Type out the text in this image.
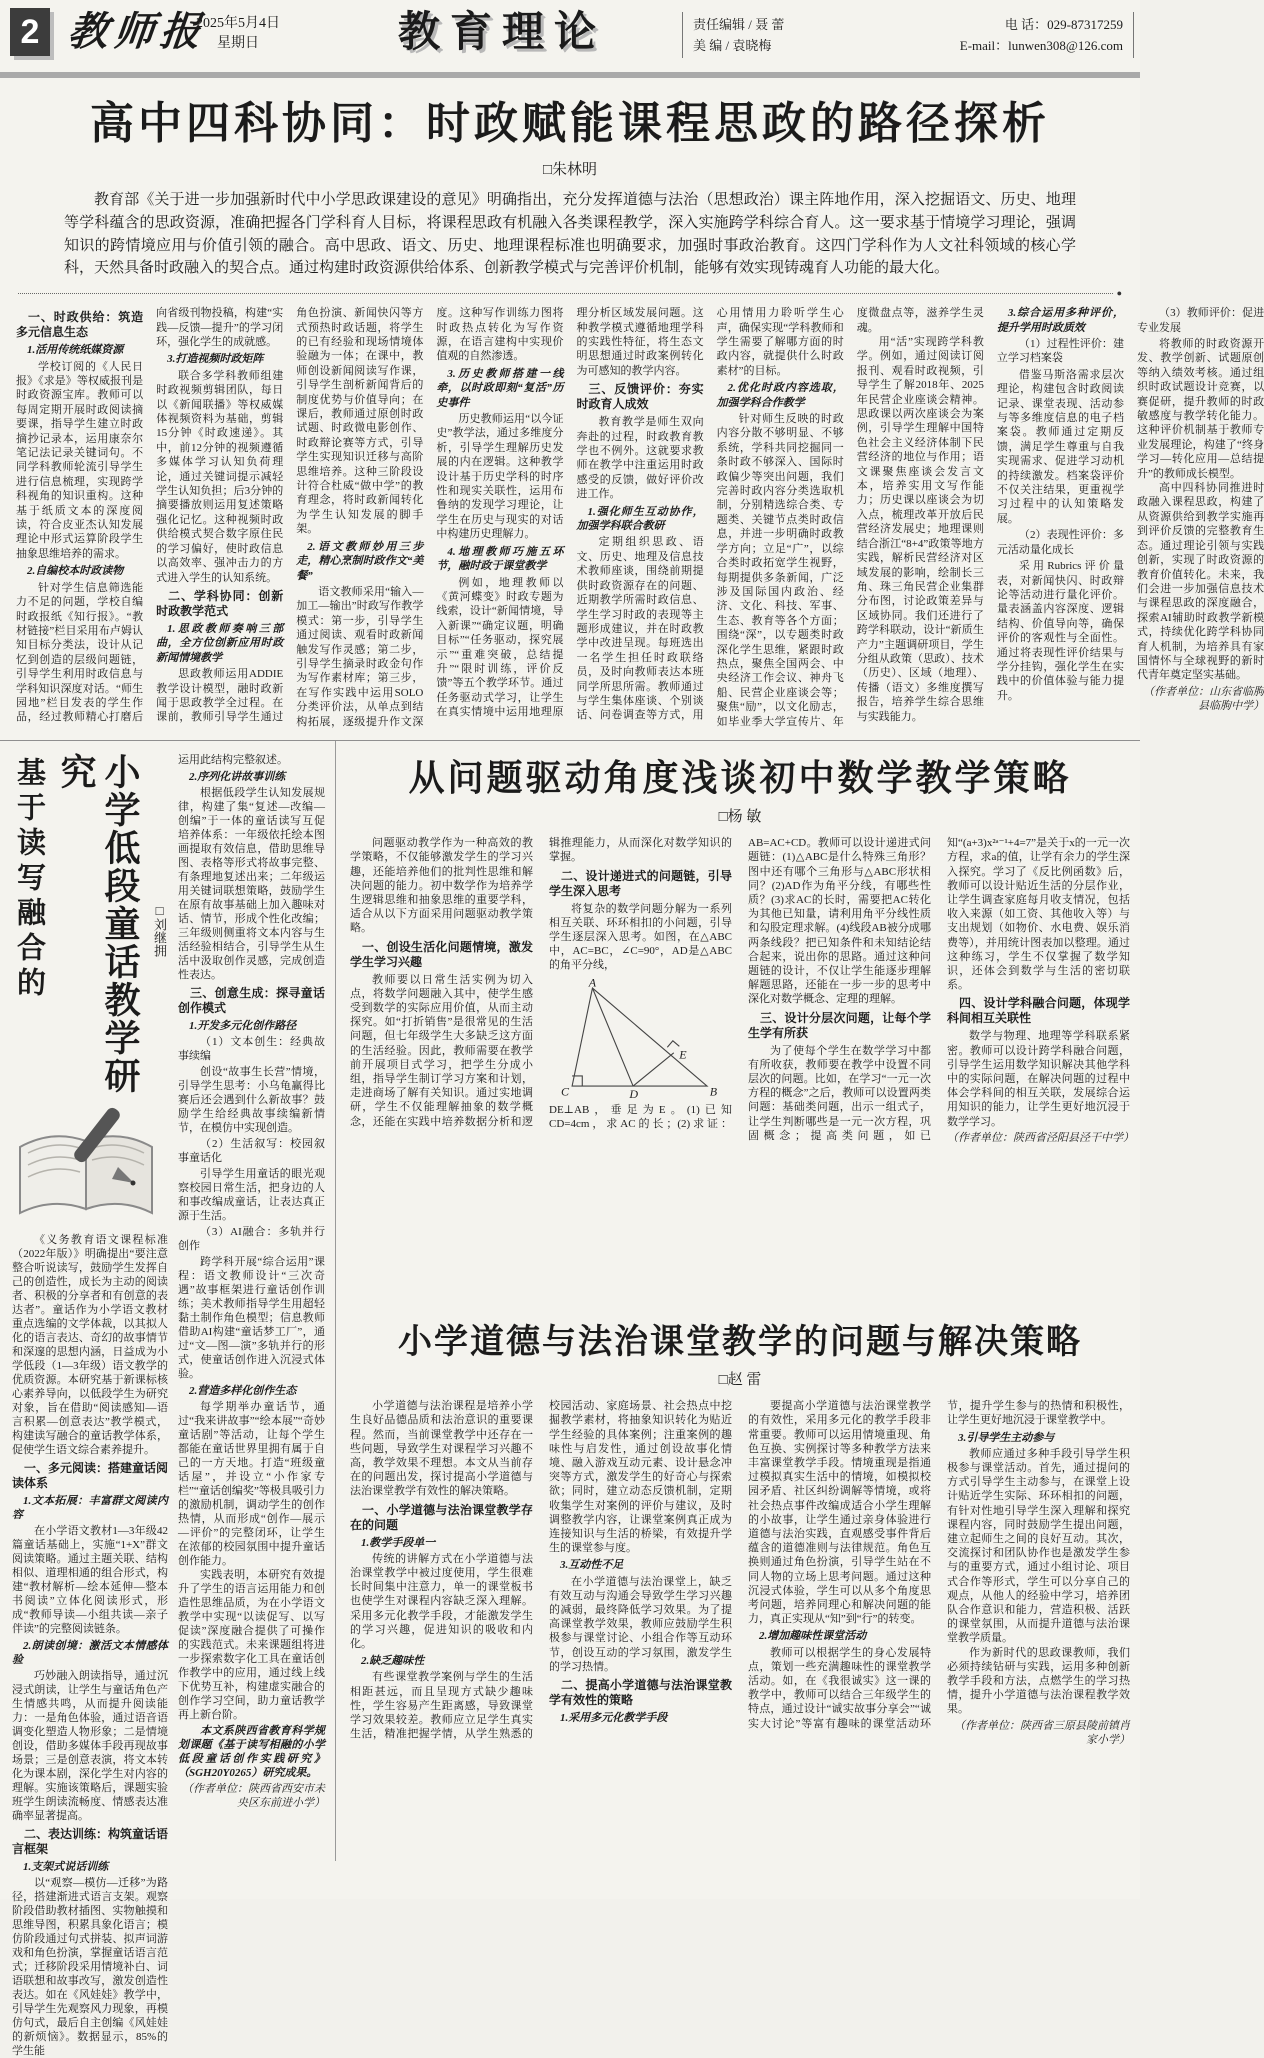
2 教师报
2025年5月4日
星期日	教育理论	责任编辑 / 聂 蕾	电 话：029-87317259
美 编 / 袁晓梅	E-mail：lunwen308@126.com
高中四科协同：时政赋能课程思政的路径探析
□朱林明
教育部《关于进一步加强新时代中小学思政课建设的意见》明确指出，充分发挥道德与法治（思想政治）课主阵地作用，深入挖掘语文、历史、地理等学科蕴含的思政资源，准确把握各门学科育人目标，将课程思政有机融入各类课程教学，深入实施跨学科综合育人。这一要求基于情境学习理论，强调知识的跨情境应用与价值引领的融合。高中思政、语文、历史、地理课程标准也明确要求，加强时事政治教育。这四门学科作为人文社科领域的核心学科，天然具备时政融入的契合点。通过构建时政资源供给体系、创新教学模式与完善评价机制，能够有效实现铸魂育人功能的最大化。
●
一、时政供给：筑造多元信息生态
1.活用传统纸媒资源

学校订阅的《人民日报》《求是》等权威报刊是时政资源宝库。教师可以每周定期开展时政阅读摘要课，指导学生建立时政摘抄记录本，运用康奈尔笔记法记录关键词句。不同学科教师轮流引导学生进行信息梳理，实现跨学科视角的知识重构。这种基于纸质文本的深度阅读，符合皮亚杰认知发展理论中形式运算阶段学生抽象思维培养的需求。

2.自编校本时政读物

针对学生信息筛选能力不足的问题，学校自编时政报纸《知行报》。“教材链接”栏目采用布卢姆认知目标分类法，设计从记忆到创造的层级问题链，引导学生利用时政信息与学科知识深度对话。“师生园地”栏目发表的学生作品，经过教师精心打磨后向省级刊物投稿，构建“实践—反馈—提升”的学习闭环，强化学生的成就感。

3.打造视频时政矩阵

联合多学科教师组建时政视频剪辑团队，每日以《新闻联播》等权威媒体视频资料为基础，剪辑15分钟《时政速递》。其中，前12分钟的视频遵循多媒体学习认知负荷理论，通过关键词提示减轻学生认知负担；后3分钟的摘要播放则运用复述策略强化记忆。这种视频时政供给模式契合数字原住民的学习偏好，使时政信息以高效率、强冲击力的方式进入学生的认知系统。

二、学科协同：创新时政教学范式
1.思政教师奏响三部曲，全方位创新应用时政新闻情境教学

思政教师运用ADDIE教学设计模型，融时政新闻于思政教学全过程。在课前，教师引导学生通过角色扮演、新闻快闪等方式预热时政话题，将学生的已有经验和现场情境体验融为一体；在课中，教师创设新闻阅读写作课，引导学生剖析新闻背后的制度优势与价值导向；在课后，教师通过原创时政试题、时政微电影创作、时政辩论赛等方式，引导学生实现知识迁移与高阶思维培养。这种三阶段设计符合杜威“做中学”的教育理念，将时政新闻转化为学生认知发展的脚手架。

2.语文教师妙用三步走，精心烹制时政作文“美餐”

语文教师采用“输入—加工—输出”时政写作教学模式：第一步，引导学生通过阅读、观看时政新闻触发写作灵感；第二步，引导学生摘录时政金句作为写作素材库；第三步，在写作实践中运用SOLO分类评价法，从单点到结构拓展，逐级提升作文深度。这种写作训练力图将时政热点转化为写作资源，在语言建构中实现价值观的自然渗透。

3.历史教师搭建一线牵，以时政即刻“复活”历史事件

历史教师运用“以今证史”教学法，通过多维度分析，引导学生理解历史发展的内在逻辑。这种教学设计基于历史学科的时序性和现实关联性，运用布鲁纳的发现学习理论，让学生在历史与现实的对话中构建历史理解力。

4.地理教师巧施五环节，融时政于课堂教学

例如，地理教师以《黄河蝶变》时政专题为线索，设计“新闻情境，导入新课”“确定议题，明确目标”“任务驱动，探究展示”“重难突破，总结提升”“限时训练，评价反馈”等五个教学环节。通过任务驱动式学习，让学生在真实情境中运用地理原理分析区域发展问题。这种教学模式遵循地理学科的实践性特征，将生态文明思想通过时政案例转化为可感知的教学内容。

三、反馈评价：夯实时政育人成效

教育教学是师生双向奔赴的过程，时政教育教学也不例外。这就要求教师在教学中注重运用时政感受的反馈，做好评价改进工作。

1.强化师生互动协作，加强学科联合教研

定期组织思政、语文、历史、地理及信息技术教师座谈，围绕前期提供时政资源存在的问题、近期教学所需时政信息、学生学习时政的表现等主题形成建议，并在时政教学中改进呈现。每班选出一名学生担任时政联络员，及时向教师表达本班同学所思所需。教师通过与学生集体座谈、个别谈话、问卷调查等方式，用心用情用力聆听学生心声，确保实现“学科教师和学生需要了解哪方面的时政内容，就提供什么时政素材”的目标。

2.优化时政内容选取，加强学科合作教学

针对师生反映的时政内容分散不够明显、不够系统，学科共同挖掘同一条时政不够深入、国际时政偏少等突出问题，我们完善时政内容分类选取机制，分别精选综合类、专题类、关键节点类时政信息，并进一步明确时政教学方向；立足“广”，以综合类时政拓宽学生视野，每期提供多条新闻，广泛涉及国际国内政治、经济、文化、科技、军事、生态、教育等各个方面；围绕“深”，以专题类时政深化学生思维，紧跟时政热点，聚焦全国两会、中央经济工作会议、神舟飞船、民营企业座谈会等；聚焦“励”，以文化励志，如毕业季大学宣传片、年度微盘点等，滋养学生灵魂。

用“活”实现跨学科教学。例如，通过阅读订阅报刊、观看时政视频，引导学生了解2018年、2025年民营企业座谈会精神。思政课以两次座谈会为案例，引导学生理解中国特色社会主义经济体制下民营经济的地位与作用；语文课聚焦座谈会发言文本，培养实用文写作能力；历史课以座谈会为切入点，梳理改革开放后民营经济发展史；地理课则结合浙江“8+4”政策等地方实践，解析民营经济对区域发展的影响，绘制长三角、珠三角民营企业集群分布图，讨论政策差异与区域协同。我们还进行了跨学科联动，设计“新质生产力”主题调研项目，学生分组从政策（思政）、技术（历史）、区域（地理）、传播（语文）多维度撰写报告，培养学生综合思维与实践能力。

3.综合运用多种评价，提升学用时政质效
（1）过程性评价：建立学习档案袋

借鉴马斯洛需求层次理论，构建包含时政阅读记录、课堂表现、活动参与等多维度信息的电子档案袋。教师通过定期反馈，满足学生尊重与自我实现需求、促进学习动机的持续激发。档案袋评价不仅关注结果，更重视学习过程中的认知策略发展。

（2）表现性评价：多元活动量化成长

采用Rubrics评价量表，对新闻快闪、时政辩论等活动进行量化评价。量表涵盖内容深度、逻辑结构、价值导向等，确保评价的客观性与全面性。通过将表现性评价结果与学分挂钩，强化学生在实践中的价值体验与能力提升。

（3）教师评价：促进专业发展

将教师的时政资源开发、教学创新、试题原创等纳入绩效考核。通过组织时政试题设计竞赛，以赛促研，提升教师的时政敏感度与教学转化能力。这种评价机制基于教师专业发展理论，构建了“终身学习—转化应用—总结提升”的教师成长模型。

高中四科协同推进时政融入课程思政，构建了从资源供给到教学实施再到评价反馈的完整教育生态。通过理论引领与实践创新，实现了时政资源的教育价值转化。未来，我们会进一步加强信息技术与课程思政的深度融合，探索AI辅助时政教学新模式，持续优化跨学科协同育人机制，为培养具有家国情怀与全球视野的新时代青年奠定坚实基础。

（作者单位：山东省临朐县临朐中学）

基于读写融合的	小学低段童话教学研究
□刘继拥

《义务教育语文课程标准（2022年版）》明确提出“要注意整合听说读写，鼓励学生发挥自己的创造性，成长为主动的阅读者、积极的分享者和有创意的表达者”。童话作为小学语文教材重点选编的文学体裁，以其拟人化的语言表达、奇幻的故事情节和深邃的思想内涵，日益成为小学低段（1—3年级）语文教学的优质资源。本研究基于新课标核心素养导向，以低段学生为研究对象，旨在借助“阅读感知—语言积累—创意表达”教学模式，构建读写融合的童话教学体系，促使学生语文综合素养提升。

一、多元阅读：搭建童话阅读体系
1.文本拓展：丰富群文阅读内容

在小学语文教材1—3年级42篇童话基础上，实施“1+X”群文阅读策略。通过主题关联、结构相似、道理相通的组合形式，构建“教材解析—绘本延伸—整本书阅读”立体化阅读形式，形成“教师导读—小组共读—亲子伴读”的完整阅读链条。

2.朗读创境：激活文本情感体验

巧妙融入朗读指导，通过沉浸式朗读，让学生与童话角色产生情感共鸣，从而提升阅读能力：一是角色体验，通过语音语调变化塑造人物形象；二是情境创设，借助多媒体手段再现故事场景；三是创意表演，将文本转化为课本剧，深化学生对内容的理解。实施该策略后，课题实验班学生朗读流畅度、情感表达准确率显著提高。

二、表达训练：构筑童话语言框架
1.支架式说话训练

以“观察—模仿—迁移”为路径，搭建渐进式语言支架。观察阶段借助教材插图、实物触摸和思维导图，积累具象化语言；模仿阶段通过句式拼装、拟声词游戏和角色扮演，掌握童话语言范式；迁移阶段采用情境补白、词语联想和故事改写，激发创造性表达。如在《风娃娃》教学中，引导学生先观察风力现象，再模仿句式，最后自主创编《风娃娃的新烦恼》。数据显示，85%的学生能

运用此结构完整叙述。

2.序列化讲故事训练

根据低段学生认知发展规律，构建了集“复述—改编—创编”于一体的童话读写互促培养体系：一年级依托绘本图画提取有效信息，借助思维导图、表格等形式将故事完整、有条理地复述出来；二年级运用关键词联想策略，鼓励学生在原有故事基础上加入趣味对话、情节，形成个性化改编；三年级则侧重将文本内容与生活经验相结合，引导学生从生活中汲取创作灵感，完成创造性表达。

三、创意生成：探寻童话创作模式
1.开发多元化创作路径
（1）文本创生：经典故事续编

创设“故事生长营”情境，引导学生思考：小乌龟赢得比赛后还会遇到什么新故事？鼓励学生给经典故事续编新情节，在模仿中实现创造。

（2）生活叙写：校园叙事童话化

引导学生用童话的眼光观察校园日常生活，把身边的人和事改编成童话，让表达真正源于生活。

（3）AI融合：多轨并行创作

跨学科开展“综合运用”课程：语文教师设计“三次奇遇”故事框架进行童话创作训练；美术教师指导学生用超轻黏土制作角色模型；信息教师借助AI构建“童话梦工厂”，通过“文—图—演”多轨并行的形式，使童话创作进入沉浸式体验。

2.营造多样化创作生态

每学期举办童话节，通过“我来讲故事”“绘本展”“奇妙童话剧”等活动，让每个学生都能在童话世界里拥有属于自己的一方天地。打造“班级童话屋”，并设立“小作家专栏”“童话创编奖”等极具吸引力的激励机制，调动学生的创作热情，从而形成“创作—展示—评价”的完整闭环，让学生在浓郁的校园氛围中提升童话创作能力。

实践表明，本研究有效提升了学生的语言运用能力和创造性思维品质，为在小学语文教学中实现“以读促写、以写促读”深度融合提供了可操作的实践范式。未来课题组将进一步探索数字化工具在童话创作教学中的应用，通过线上线下优势互补，构建虚实融合的创作学习空间，助力童话教学再上新台阶。

本文系陕西省教育科学规划课题《基于读写相融的小学低段童话创作实践研究》（SGH20Y0265）研究成果。

（作者单位：陕西省西安市未央区东前进小学）

从问题驱动角度浅谈初中数学教学策略
□杨 敏

问题驱动教学作为一种高效的教学策略，不仅能够激发学生的学习兴趣，还能培养他们的批判性思维和解决问题的能力。初中数学作为培养学生逻辑思维和抽象思维的重要学科，适合从以下方面采用问题驱动教学策略。

一、创设生活化问题情境，激发学生学习兴趣

教师要以日常生活实例为切入点，将数学问题融入其中，使学生感受到数学的实际应用价值，从而主动探究。如“打折销售”是很常见的生活问题，但七年级学生大多缺乏这方面的生活经验。因此，教师需要在教学前开展项目式学习，把学生分成小组，指导学生制订学习方案和计划，走进商场了解有关知识。通过实地调研，学生不仅能理解抽象的数学概念，还能在实践中培养数据分析和逻辑推理能力，从而深化对数学知识的掌握。

二、设计递进式的问题链，引导学生深入思考

将复杂的数学问题分解为一系列相互关联、环环相扣的小问题，引导学生逐层深入思考。如图，在△ABC中，AC=BC，∠C=90°，AD是△ABC的角平分线，

A
C	D	B
E

DE⊥AB，垂足为E。(1)已知CD=4cm，求AC的长；(2)求证：AB=AC+CD。教师可以设计递进式问题链：(1)△ABC是什么特殊三角形？图中还有哪个三角形与△ABC形状相同？(2)AD作为角平分线，有哪些性质？(3)求AC的长时，需要把AC转化为其他已知量，请利用角平分线性质和勾股定理求解。(4)线段AB被分成哪两条线段？把已知条件和未知结论结合起来，说出你的思路。通过这种问题链的设计，不仅让学生能逐步理解解题思路，还能在一步一步的思考中深化对数学概念、定理的理解。

三、设计分层次问题，让每个学生学有所获

为了使每个学生在数学学习中都有所收获，教师要在教学中设置不同层次的问题。比如，在学习“一元一次方程的概念”之后，教师可以设置两类问题：基础类问题，出示一组式子，让学生判断哪些是一元一次方程，巩固概念；提高类问题，如已知“(a+3)x²ᵃ⁻¹+4=7”是关于x的一元一次方程，求a的值，让学有余力的学生深入探究。学习了《反比例函数》后，教师可以设计贴近生活的分层作业，让学生调查家庭每月收支情况，包括收入来源（如工资、其他收入等）与支出规划（如物价、水电费、娱乐消费等），并用统计图表加以整理。通过这种练习，学生不仅掌握了数学知识，还体会到数学与生活的密切联系。

四、设计学科融合问题，体现学科间相互关联性

数学与物理、地理等学科联系紧密。教师可以设计跨学科融合问题，引导学生运用数学知识解决其他学科中的实际问题，在解决问题的过程中体会学科间的相互关联，发展综合运用知识的能力，让学生更好地沉浸于数学学习。

（作者单位：陕西省泾阳县泾干中学）

小学道德与法治课堂教学的问题与解决策略
□赵 雷

小学道德与法治课程是培养小学生良好品德品质和法治意识的重要课程。然而，当前课堂教学中还存在一些问题，导致学生对课程学习兴趣不高，教学效果不理想。本文从当前存在的问题出发，探讨提高小学道德与法治课堂教学有效性的解决策略。

一、小学道德与法治课堂教学存在的问题
1.教学手段单一

传统的讲解方式在小学道德与法治课堂教学中被过度使用，学生很难长时间集中注意力，单一的课堂板书也使学生对课程内容缺乏深入理解。采用多元化教学手段，才能激发学生的学习兴趣，促进知识的吸收和内化。

2.缺乏趣味性

有些课堂教学案例与学生的生活相距甚远，而且呈现方式缺少趣味性，学生容易产生距离感，导致课堂学习效果较差。教师应立足学生真实生活，精准把握学情，从学生熟悉的校园活动、家庭场景、社会热点中挖掘教学素材，将抽象知识转化为贴近学生经验的具体案例；注重案例的趣味性与启发性，通过创设故事化情境、融入游戏互动元素、设计悬念冲突等方式，激发学生的好奇心与探索欲；同时，建立动态反馈机制，定期收集学生对案例的评价与建议，及时调整教学内容，让课堂案例真正成为连接知识与生活的桥梁，有效提升学生的课堂参与度。

3.互动性不足

在小学道德与法治课堂上，缺乏有效互动与沟通会导致学生学习兴趣的减弱，最终降低学习效果。为了提高课堂教学效果，教师应鼓励学生积极参与课堂讨论、小组合作等互动环节，创设互动的学习氛围，激发学生的学习热情。

二、提高小学道德与法治课堂教学有效性的策略
1.采用多元化教学手段

要提高小学道德与法治课堂教学的有效性，采用多元化的教学手段非常重要。教师可以运用情境重现、角色互换、实例探讨等多种教学方法来丰富课堂教学手段。情境重现是指通过模拟真实生活中的情境，如模拟校园矛盾、社区纠纷调解等情境，或将社会热点事件改编成适合小学生理解的小故事，让学生通过亲身体验进行道德与法治实践，直观感受事件背后蕴含的道德准则与法律规范。角色互换则通过角色扮演，引导学生站在不同人物的立场上思考问题。通过这种沉浸式体验，学生可以从多个角度思考问题，培养同理心和解决问题的能力，真正实现从“知”到“行”的转变。

2.增加趣味性课堂活动

教师可以根据学生的身心发展特点，策划一些充满趣味性的课堂教学活动。如，在《我很诚实》这一课的教学中，教师可以结合三年级学生的特点，通过设计“诚实故事分享会”“诚实大讨论”等富有趣味的课堂活动环节，提升学生参与的热情和积极性，让学生更好地沉浸于课堂教学中。

3.引导学生主动参与

教师应通过多种手段引导学生积极参与课堂活动。首先，通过提问的方式引导学生主动参与，在课堂上设计贴近学生实际、环环相扣的问题，有针对性地引导学生深入理解和探究课程内容，同时鼓励学生提出问题，建立起师生之间的良好互动。其次，交流探讨和团队协作也是激发学生参与的重要方式，通过小组讨论、项目式合作等形式，学生可以分享自己的观点，从他人的经验中学习，培养团队合作意识和能力，营造积极、活跃的课堂氛围，从而提升道德与法治课堂教学质量。

作为新时代的思政课教师，我们必须持续钻研与实践，运用多种创新教学手段和方法，点燃学生的学习热情，提升小学道德与法治课程教学效果。

（作者单位：陕西省三原县陵前镇肖家小学）
